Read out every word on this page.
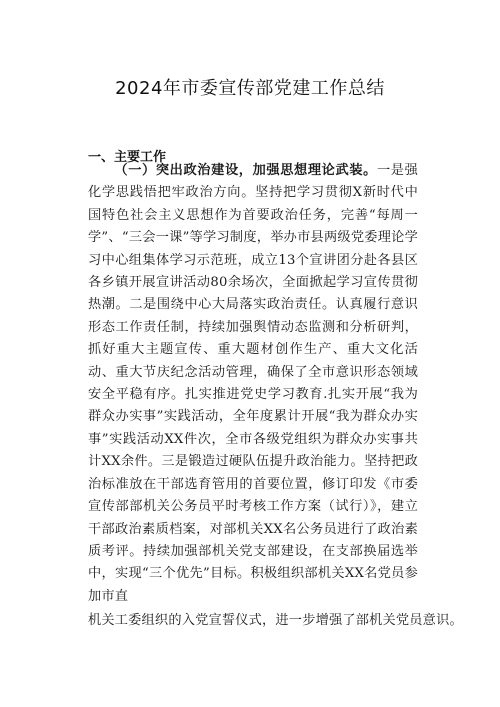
2024年市委宣传部党建工作总结
一、主要工作

（一）突出政治建设，加强思想理论武装。一是强化学思践悟把牢政治方向。坚持把学习贯彻X新时代中国特色社会主义思想作为首要政治任务，完善“每周一学”、“三会一课”等学习制度，举办市县两级党委理论学习中心组集体学习示范班，成立13个宣讲团分赴各县区各乡镇开展宣讲活动80余场次，全面掀起学习宣传贯彻热潮。二是围绕中心大局落实政治责任。认真履行意识形态工作责任制，持续加强舆情动态监测和分析研判，抓好重大主题宣传、重大题材创作生产、重大文化活动、重大节庆纪念活动管理，确保了全市意识形态领域安全平稳有序。扎实推进党史学习教育.扎实开展“我为群众办实事”实践活动，全年度累计开展“我为群众办实事”实践活动XX件次，全市各级党组织为群众办实事共计XX余件。三是锻造过硬队伍提升政治能力。坚持把政治标准放在干部选育管用的首要位置，修订印发《市委宣传部部机关公务员平时考核工作方案（试行）》，建立干部政治素质档案，对部机关XX名公务员进行了政治素质考评。持续加强部机关党支部建设，在支部换届选举中，实现“三个优先”目标。积极组织部机关XX名党员参加市直

机关工委组织的入党宣誓仪式，进一步增强了部机关党员意识。
